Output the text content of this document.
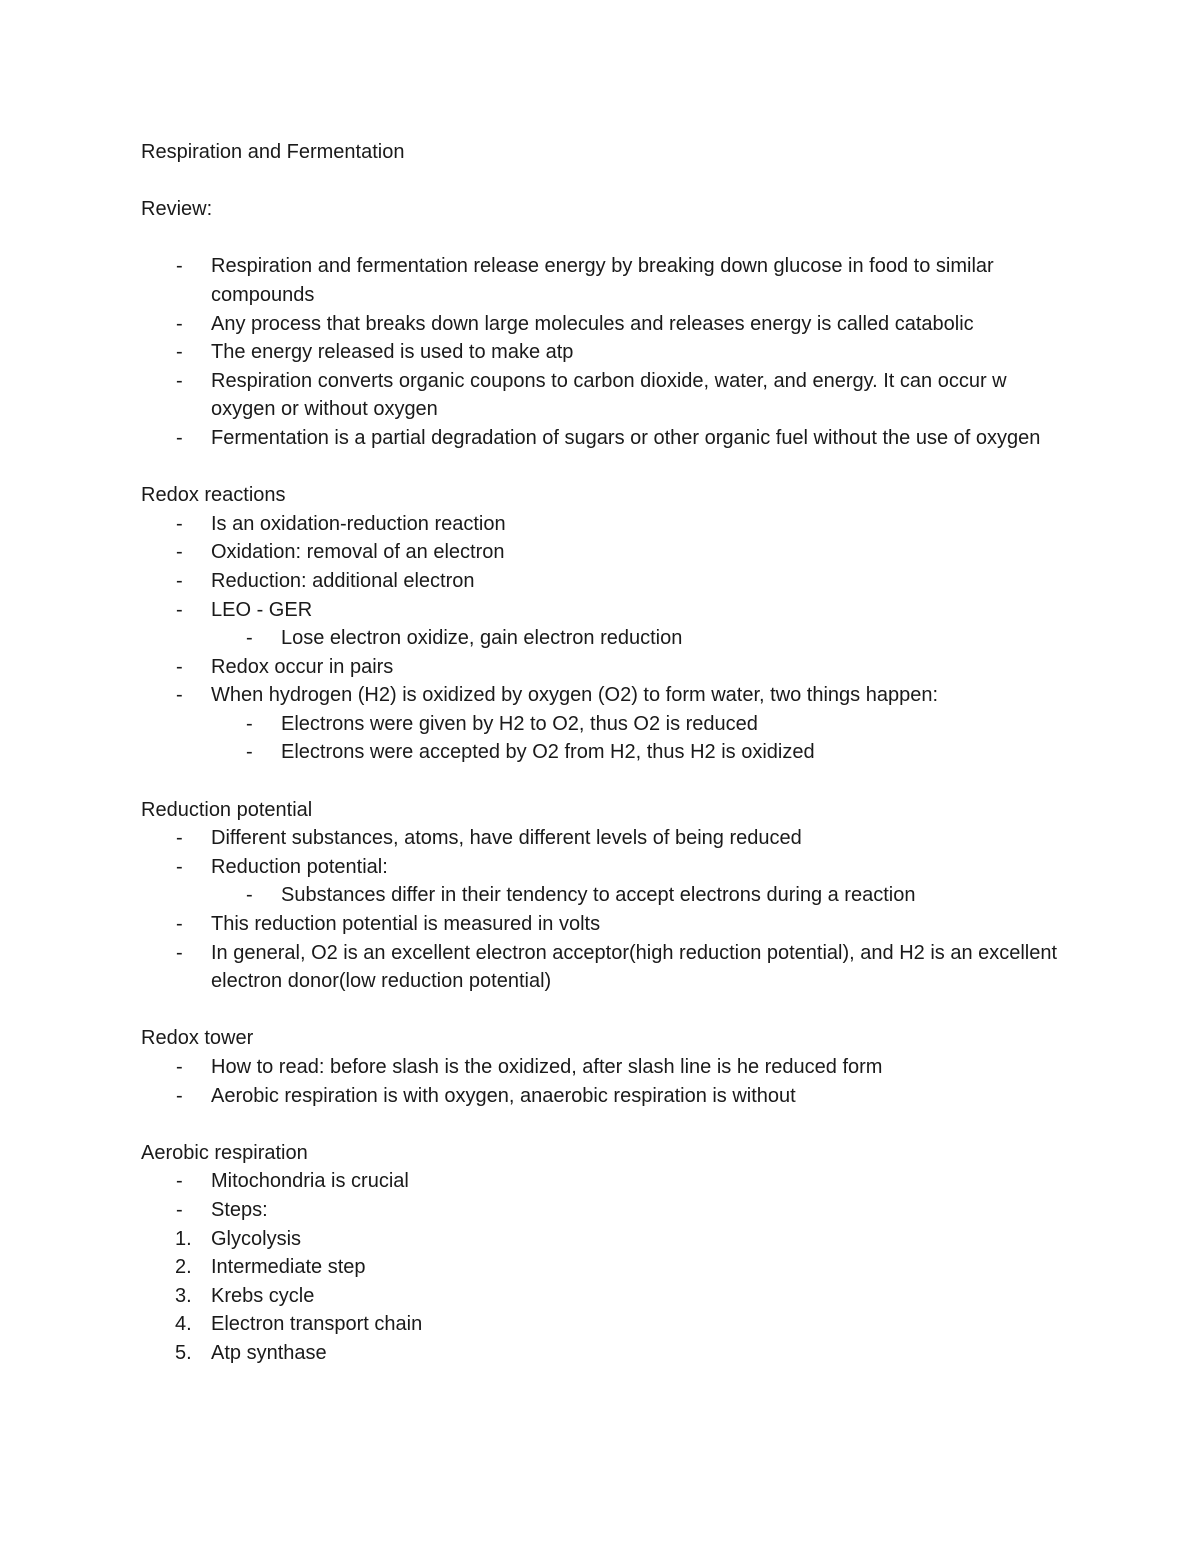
Respiration and Fermentation
Review:
-	Respiration and fermentation release energy by breaking down glucose in food to similar compounds
-	Any process that breaks down large molecules and releases energy is called catabolic
-	The energy released is used to make atp
-	Respiration converts organic coupons to carbon dioxide, water, and energy. It can occur w oxygen or without oxygen
-	Fermentation is a partial degradation of sugars or other organic fuel without the use of oxygen
Redox reactions
-	Is an oxidation-reduction reaction
-	Oxidation: removal of an electron
-	Reduction: additional electron
-	LEO - GER
-	Lose electron oxidize, gain electron reduction
-	Redox occur in pairs
-	When hydrogen (H2) is oxidized by oxygen (O2) to form water, two things happen:
-	Electrons were given by H2 to O2, thus O2 is reduced
-	Electrons were accepted by O2 from H2, thus H2 is oxidized
Reduction potential
-	Different substances, atoms, have different levels of being reduced
-	Reduction potential:
-	Substances differ in their tendency to accept electrons during a reaction
-	This reduction potential is measured in volts
-	In general, O2 is an excellent electron acceptor(high reduction potential), and H2 is an excellent electron donor(low reduction potential)
Redox tower
-	How to read: before slash is the oxidized, after slash line is he reduced form
-	Aerobic respiration is with oxygen, anaerobic respiration is without
Aerobic respiration
-	Mitochondria is crucial
-	Steps:
1. Glycolysis
2. Intermediate step
3. Krebs cycle
4. Electron transport chain
5. Atp synthase
